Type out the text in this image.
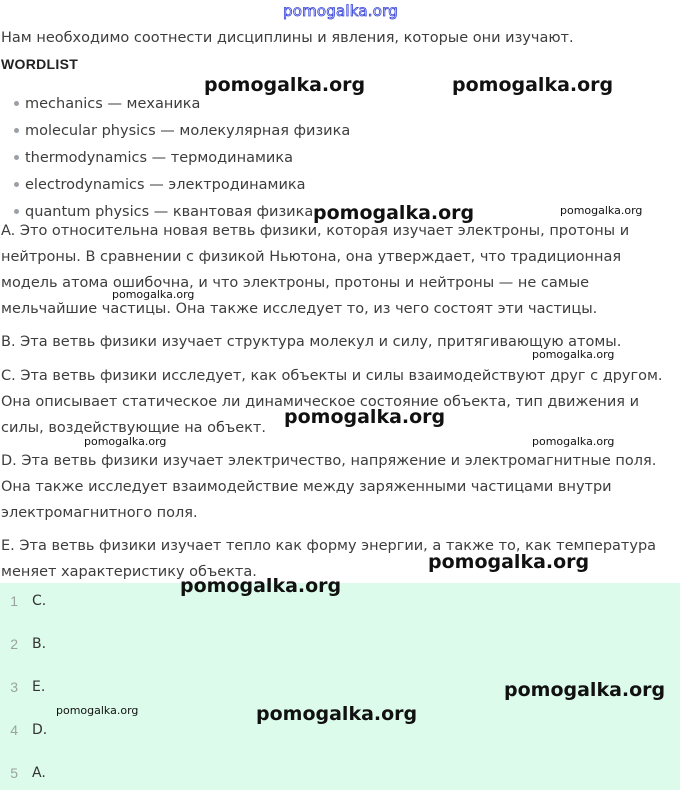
pomogalka.org
Нам необходимо соотнести дисциплины и явления, которые они изучают.
WORDLIST
mechanics — механика
molecular physics — молекулярная физика
thermodynamics — термодинамика
electrodynamics — электродинамика
quantum physics — квантовая физика

A. Это относительна новая ветвь физики, которая изучает электроны, протоны и нейтроны. В сравнении с физикой Ньютона, она утверждает, что традиционная модель атома ошибочна, и что электроны, протоны и нейтроны — не самые мельчайшие частицы. Она также исследует то, из чего состоят эти частицы.

B. Эта ветвь физики изучает структура молекул и силу, притягивающую атомы.

C. Эта ветвь физики исследует, как объекты и силы взаимодействуют друг с другом. Она описывает статическое ли динамическое состояние объекта, тип движения и силы, воздействующие на объект.

D. Эта ветвь физики изучает электричество, напряжение и электромагнитные поля. Она также исследует взаимодействие между заряженными частицами внутри электромагнитного поля.

E. Эта ветвь физики изучает тепло как форму энергии, а также то, как температура меняет характеристику объекта.

1 C.
2 B.
3 E.
4 D.
5 A.
pomogalka.org	pomogalka.org
pomogalka.org	pomogalka.org
pomogalka.org
pomogalka.org
pomogalka.org
pomogalka.org	pomogalka.org
pomogalka.org
pomogalka.org
pomogalka.org
pomogalka.org	pomogalka.org
